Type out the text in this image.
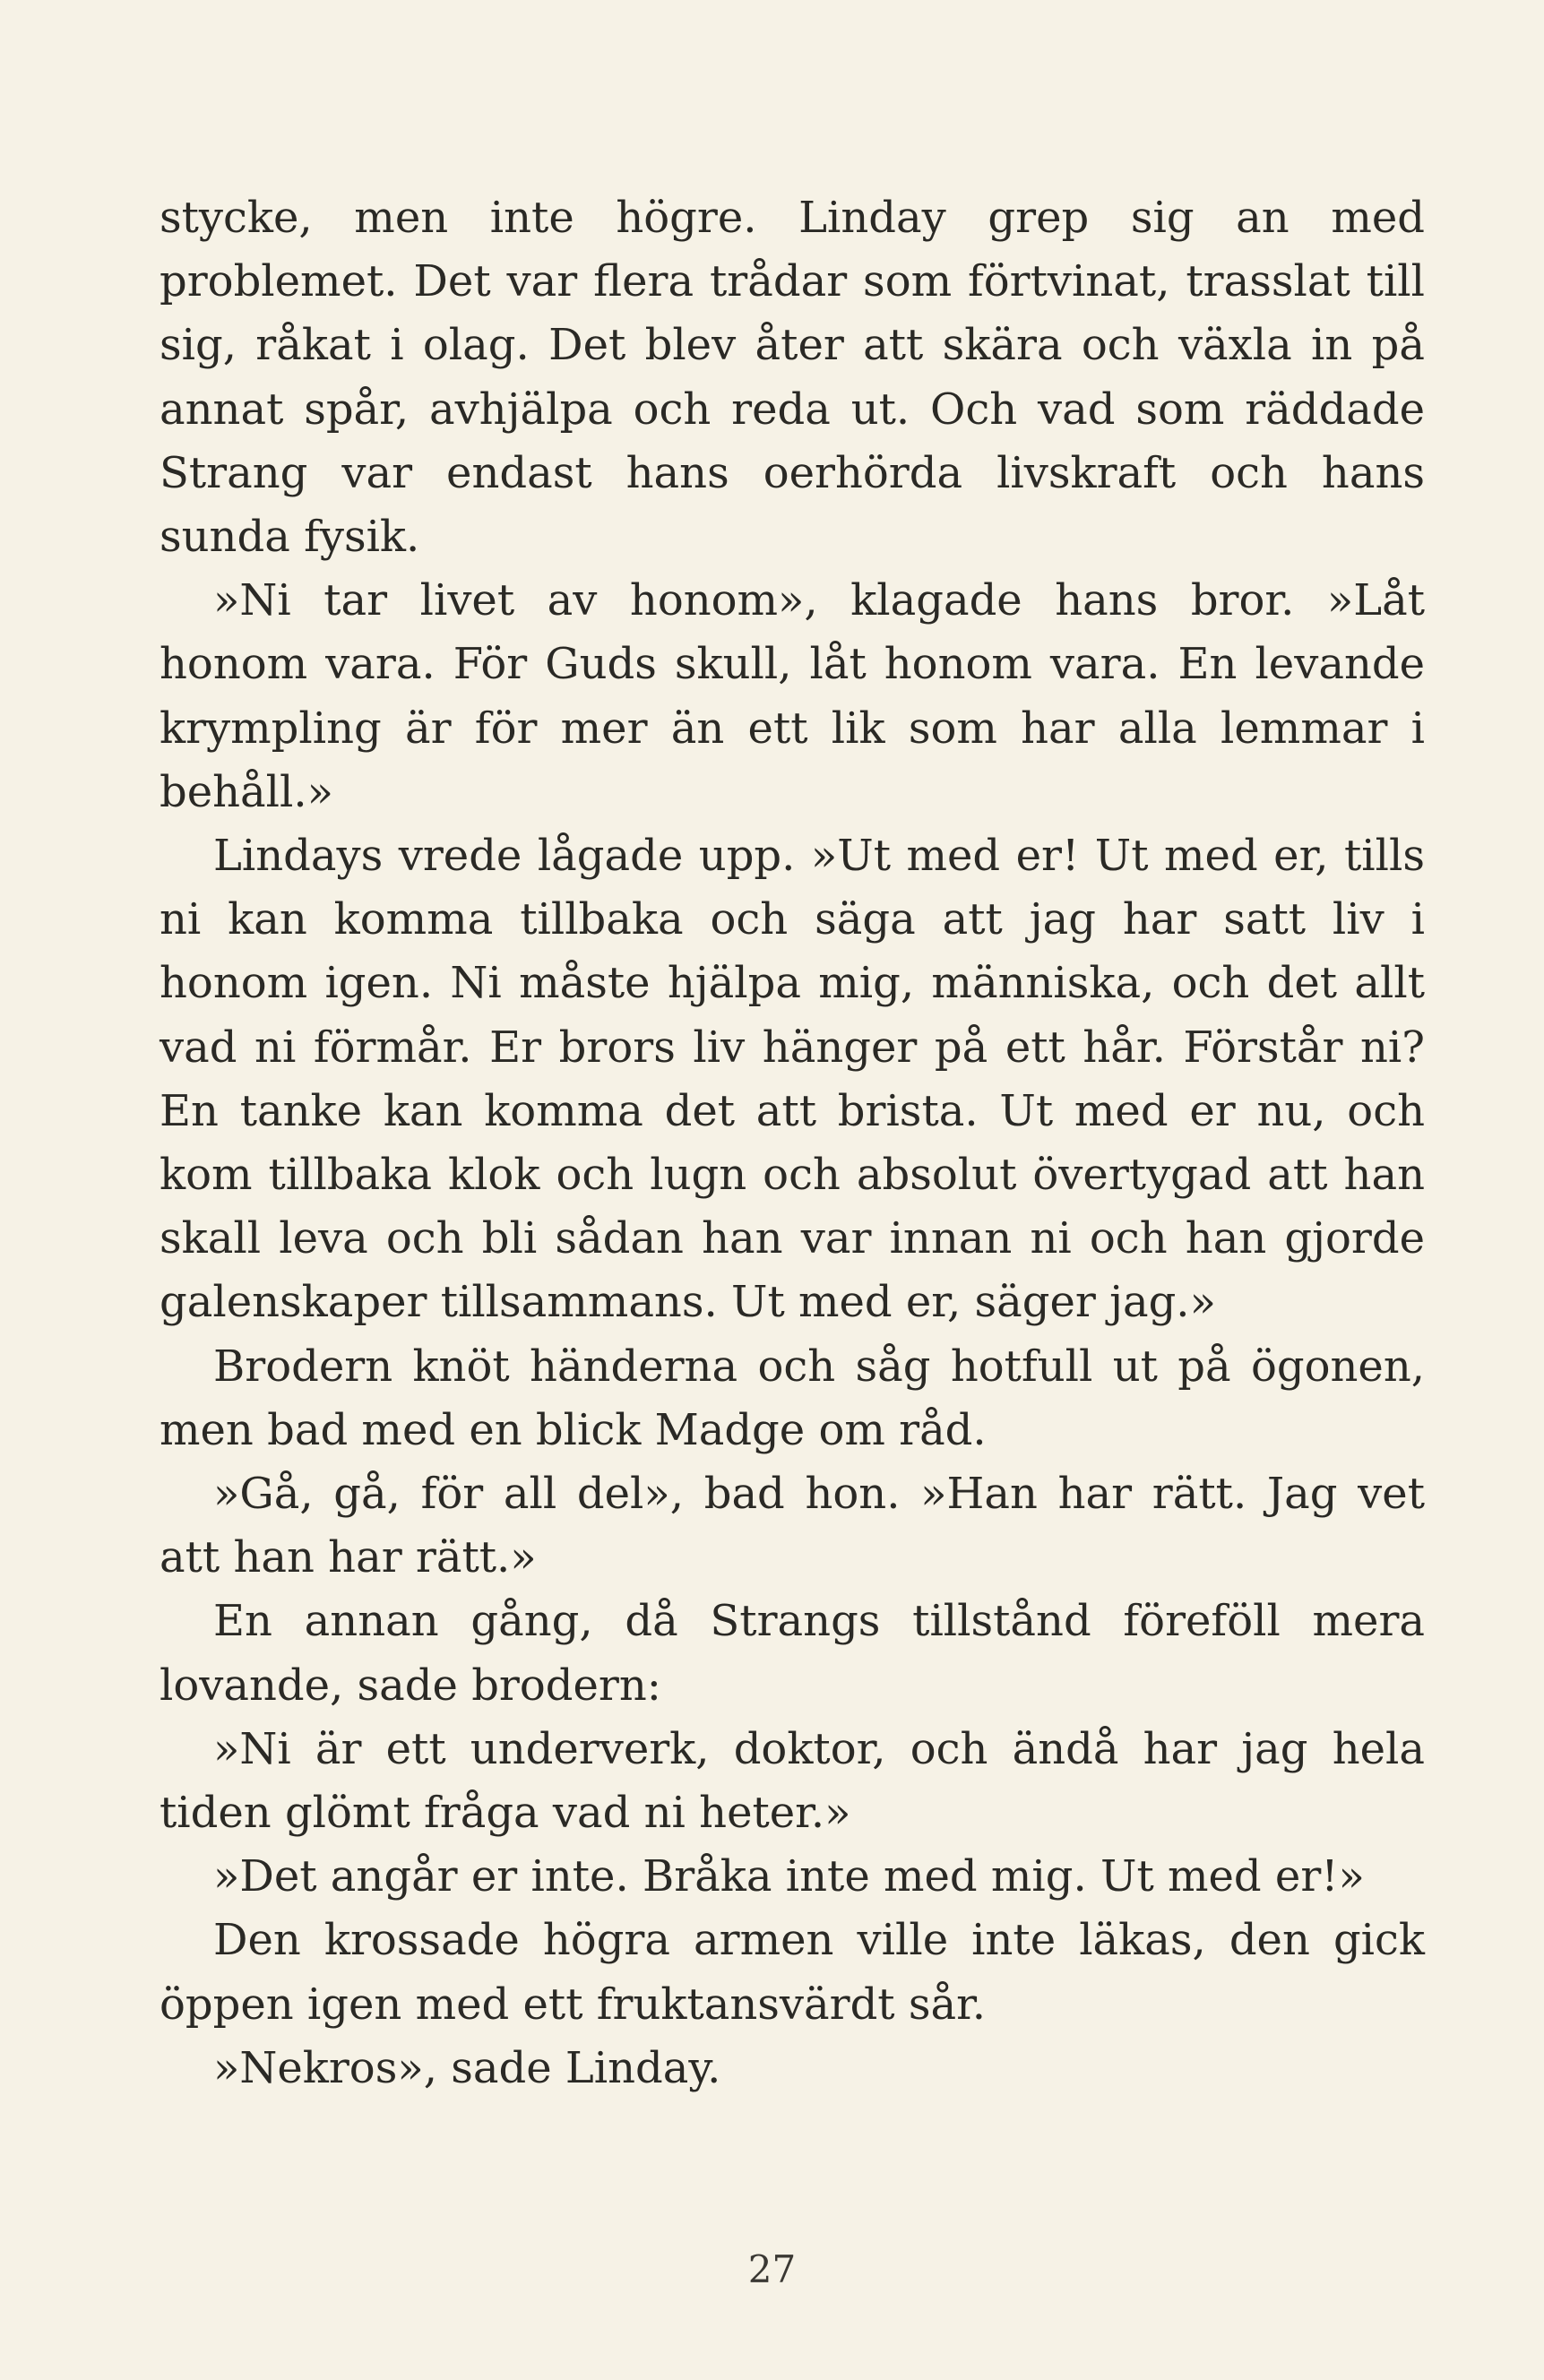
stycke, men inte högre. Linday grep sig an med problemet. Det var flera trådar som förtvinat, trasslat till sig, råkat i olag. Det blev åter att skära och växla in på annat spår, avhjälpa och reda ut. Och vad som räddade Strang var endast hans oerhörda livskraft och hans sunda fysik.

»Ni tar livet av honom», klagade hans bror. »Låt honom vara. För Guds skull, låt honom vara. En levande krympling är för mer än ett lik som har alla lemmar i behåll.»

Lindays vrede lågade upp. »Ut med er! Ut med er, tills ni kan komma tillbaka och säga att jag har satt liv i honom igen. Ni måste hjälpa mig, människa, och det allt vad ni förmår. Er brors liv hänger på ett hår. Förstår ni? En tanke kan komma det att brista. Ut med er nu, och kom tillbaka klok och lugn och absolut övertygad att han skall leva och bli sådan han var innan ni och han gjorde galenskaper tillsammans. Ut med er, säger jag.»

Brodern knöt händerna och såg hotfull ut på ögonen, men bad med en blick Madge om råd.

»Gå, gå, för all del», bad hon. »Han har rätt. Jag vet att han har rätt.»

En annan gång, då Strangs tillstånd föreföll mera lovande, sade brodern:

»Ni är ett underverk, doktor, och ändå har jag hela tiden glömt fråga vad ni heter.»

»Det angår er inte. Bråka inte med mig. Ut med er!»

Den krossade högra armen ville inte läkas, den gick öppen igen med ett fruktansvärdt sår.

»Nekros», sade Linday.

27
